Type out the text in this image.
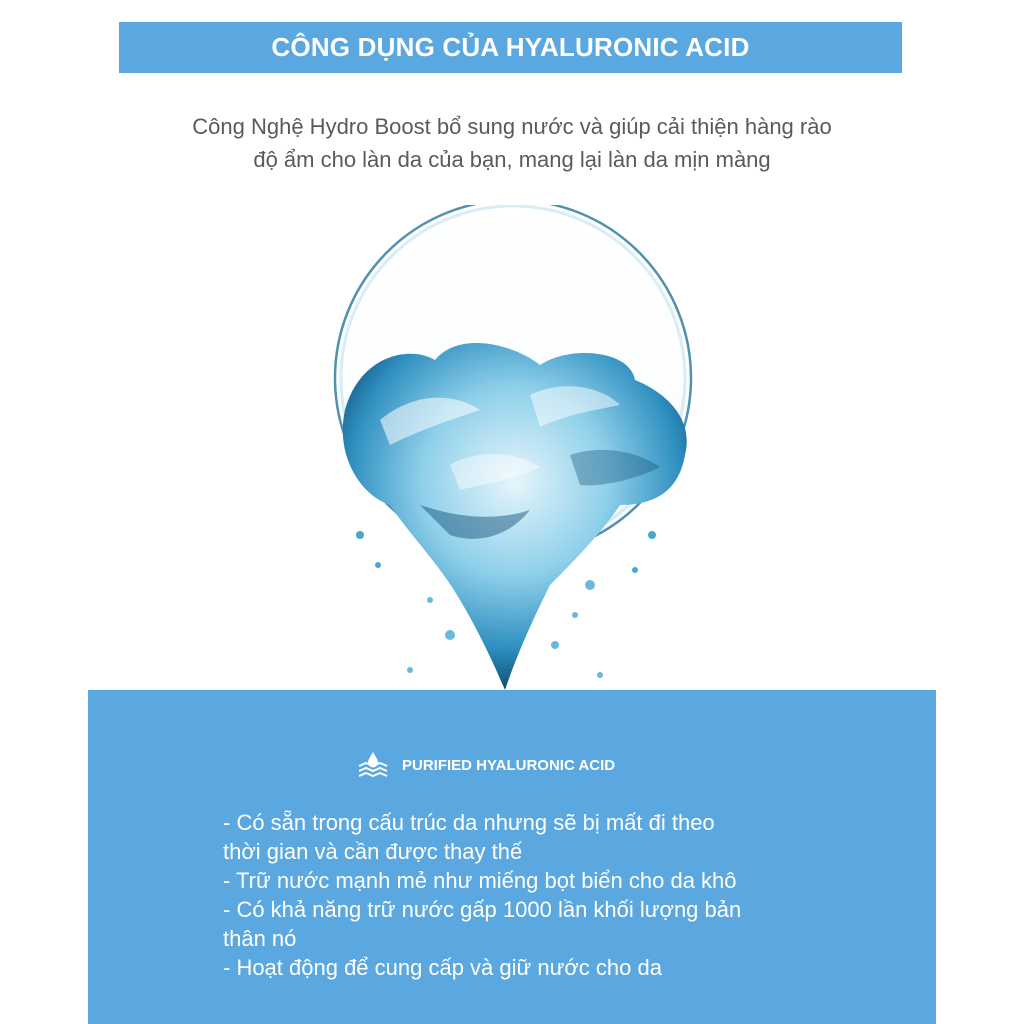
CÔNG DỤNG CỦA HYALURONIC ACID
Công Nghệ Hydro Boost bổ sung nước và giúp cải thiện hàng rào
độ ẩm cho làn da của bạn, mang lại làn da mịn màng
PURIFIED HYALURONIC ACID
- Có sẵn trong cấu trúc da nhưng sẽ bị mất đi theo
thời gian và cần được thay thế
- Trữ nước mạnh mẻ như miếng bọt biển cho da khô
- Có khả năng trữ nước gấp 1000 lần khối lượng bản
thân nó
- Hoạt động để cung cấp và giữ nước cho da
